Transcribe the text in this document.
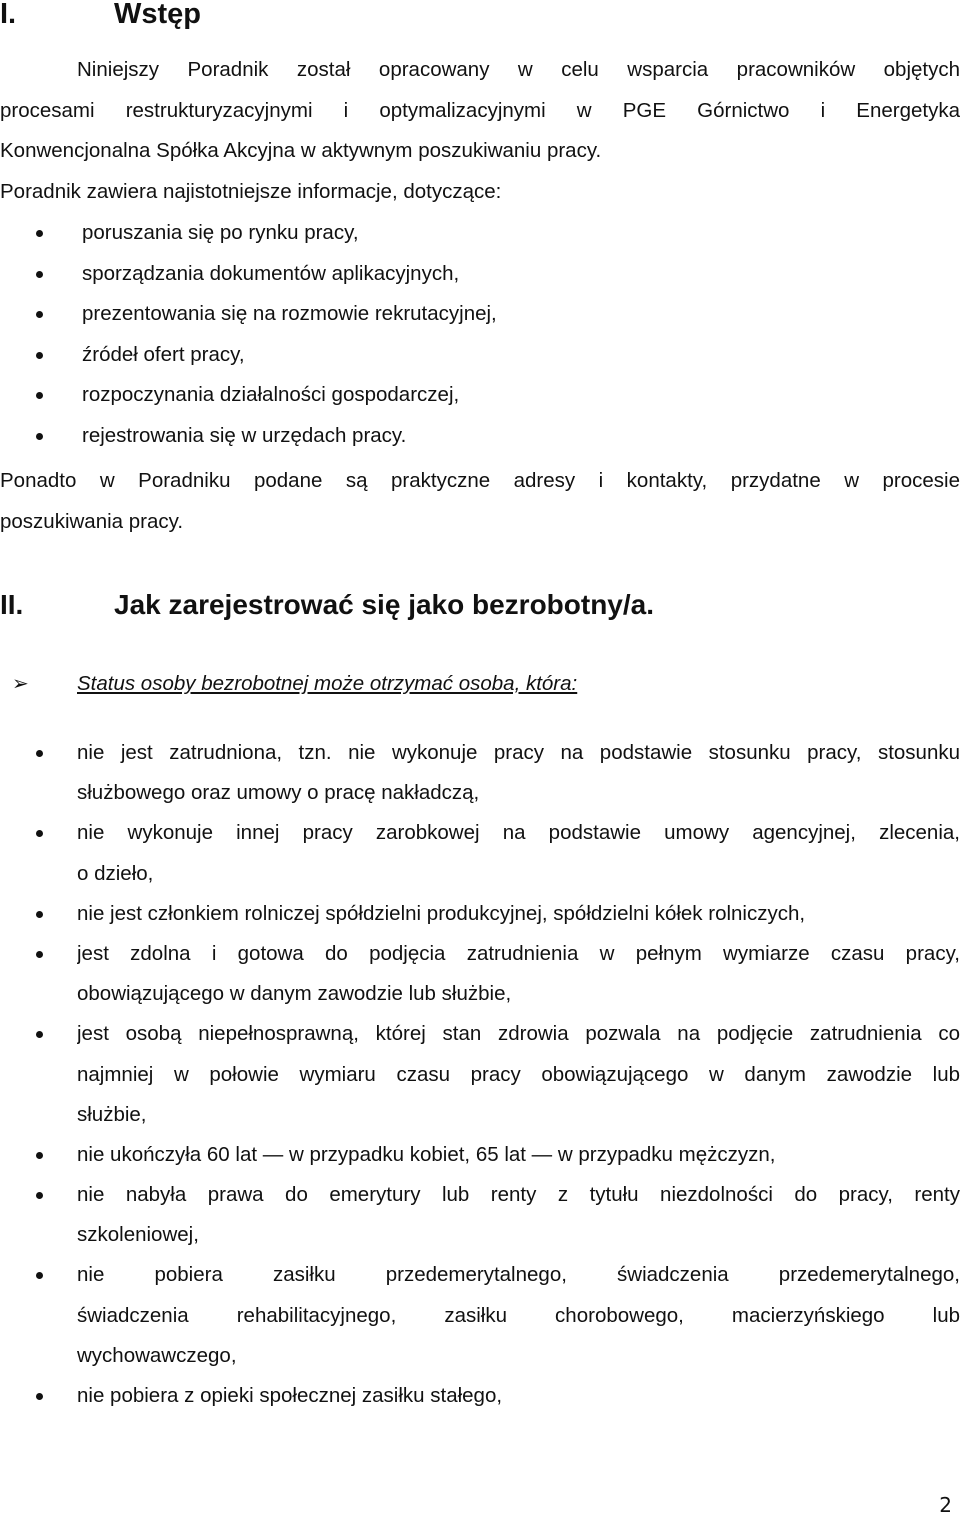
I.	Wstęp
Niniejszy Poradnik został opracowany w celu wsparcia pracowników objętych
procesami restrukturyzacyjnymi i optymalizacyjnymi w PGE Górnictwo i Energetyka
Konwencjonalna Spółka Akcyjna w aktywnym poszukiwaniu pracy.
Poradnik zawiera najistotniejsze informacje, dotyczące:
poruszania się po rynku pracy,
sporządzania dokumentów aplikacyjnych,
prezentowania się na rozmowie rekrutacyjnej,
źródeł ofert pracy,
rozpoczynania działalności gospodarczej,
rejestrowania się w urzędach pracy.
Ponadto w Poradniku podane są praktyczne adresy i kontakty, przydatne w procesie
poszukiwania pracy.
II.	Jak zarejestrować się jako bezrobotny/a.
➢ Status osoby bezrobotnej może otrzymać osoba, która:
nie jest zatrudniona, tzn. nie wykonuje pracy na podstawie stosunku pracy, stosunku
służbowego oraz umowy o pracę nakładczą,
nie wykonuje innej pracy zarobkowej na podstawie umowy agencyjnej, zlecenia,
o dzieło,
nie jest członkiem rolniczej spółdzielni produkcyjnej, spółdzielni kółek rolniczych,
jest zdolna i gotowa do podjęcia zatrudnienia w pełnym wymiarze czasu pracy,
obowiązującego w danym zawodzie lub służbie,
jest osobą niepełnosprawną, której stan zdrowia pozwala na podjęcie zatrudnienia co
najmniej w połowie wymiaru czasu pracy obowiązującego w danym zawodzie lub
służbie,
nie ukończyła 60 lat — w przypadku kobiet, 65 lat — w przypadku mężczyzn,
nie nabyła prawa do emerytury lub renty z tytułu niezdolności do pracy, renty
szkoleniowej,
nie pobiera zasiłku przedemerytalnego, świadczenia przedemerytalnego,
świadczenia rehabilitacyjnego, zasiłku chorobowego, macierzyńskiego lub
wychowawczego,
nie pobiera z opieki społecznej zasiłku stałego,
2
